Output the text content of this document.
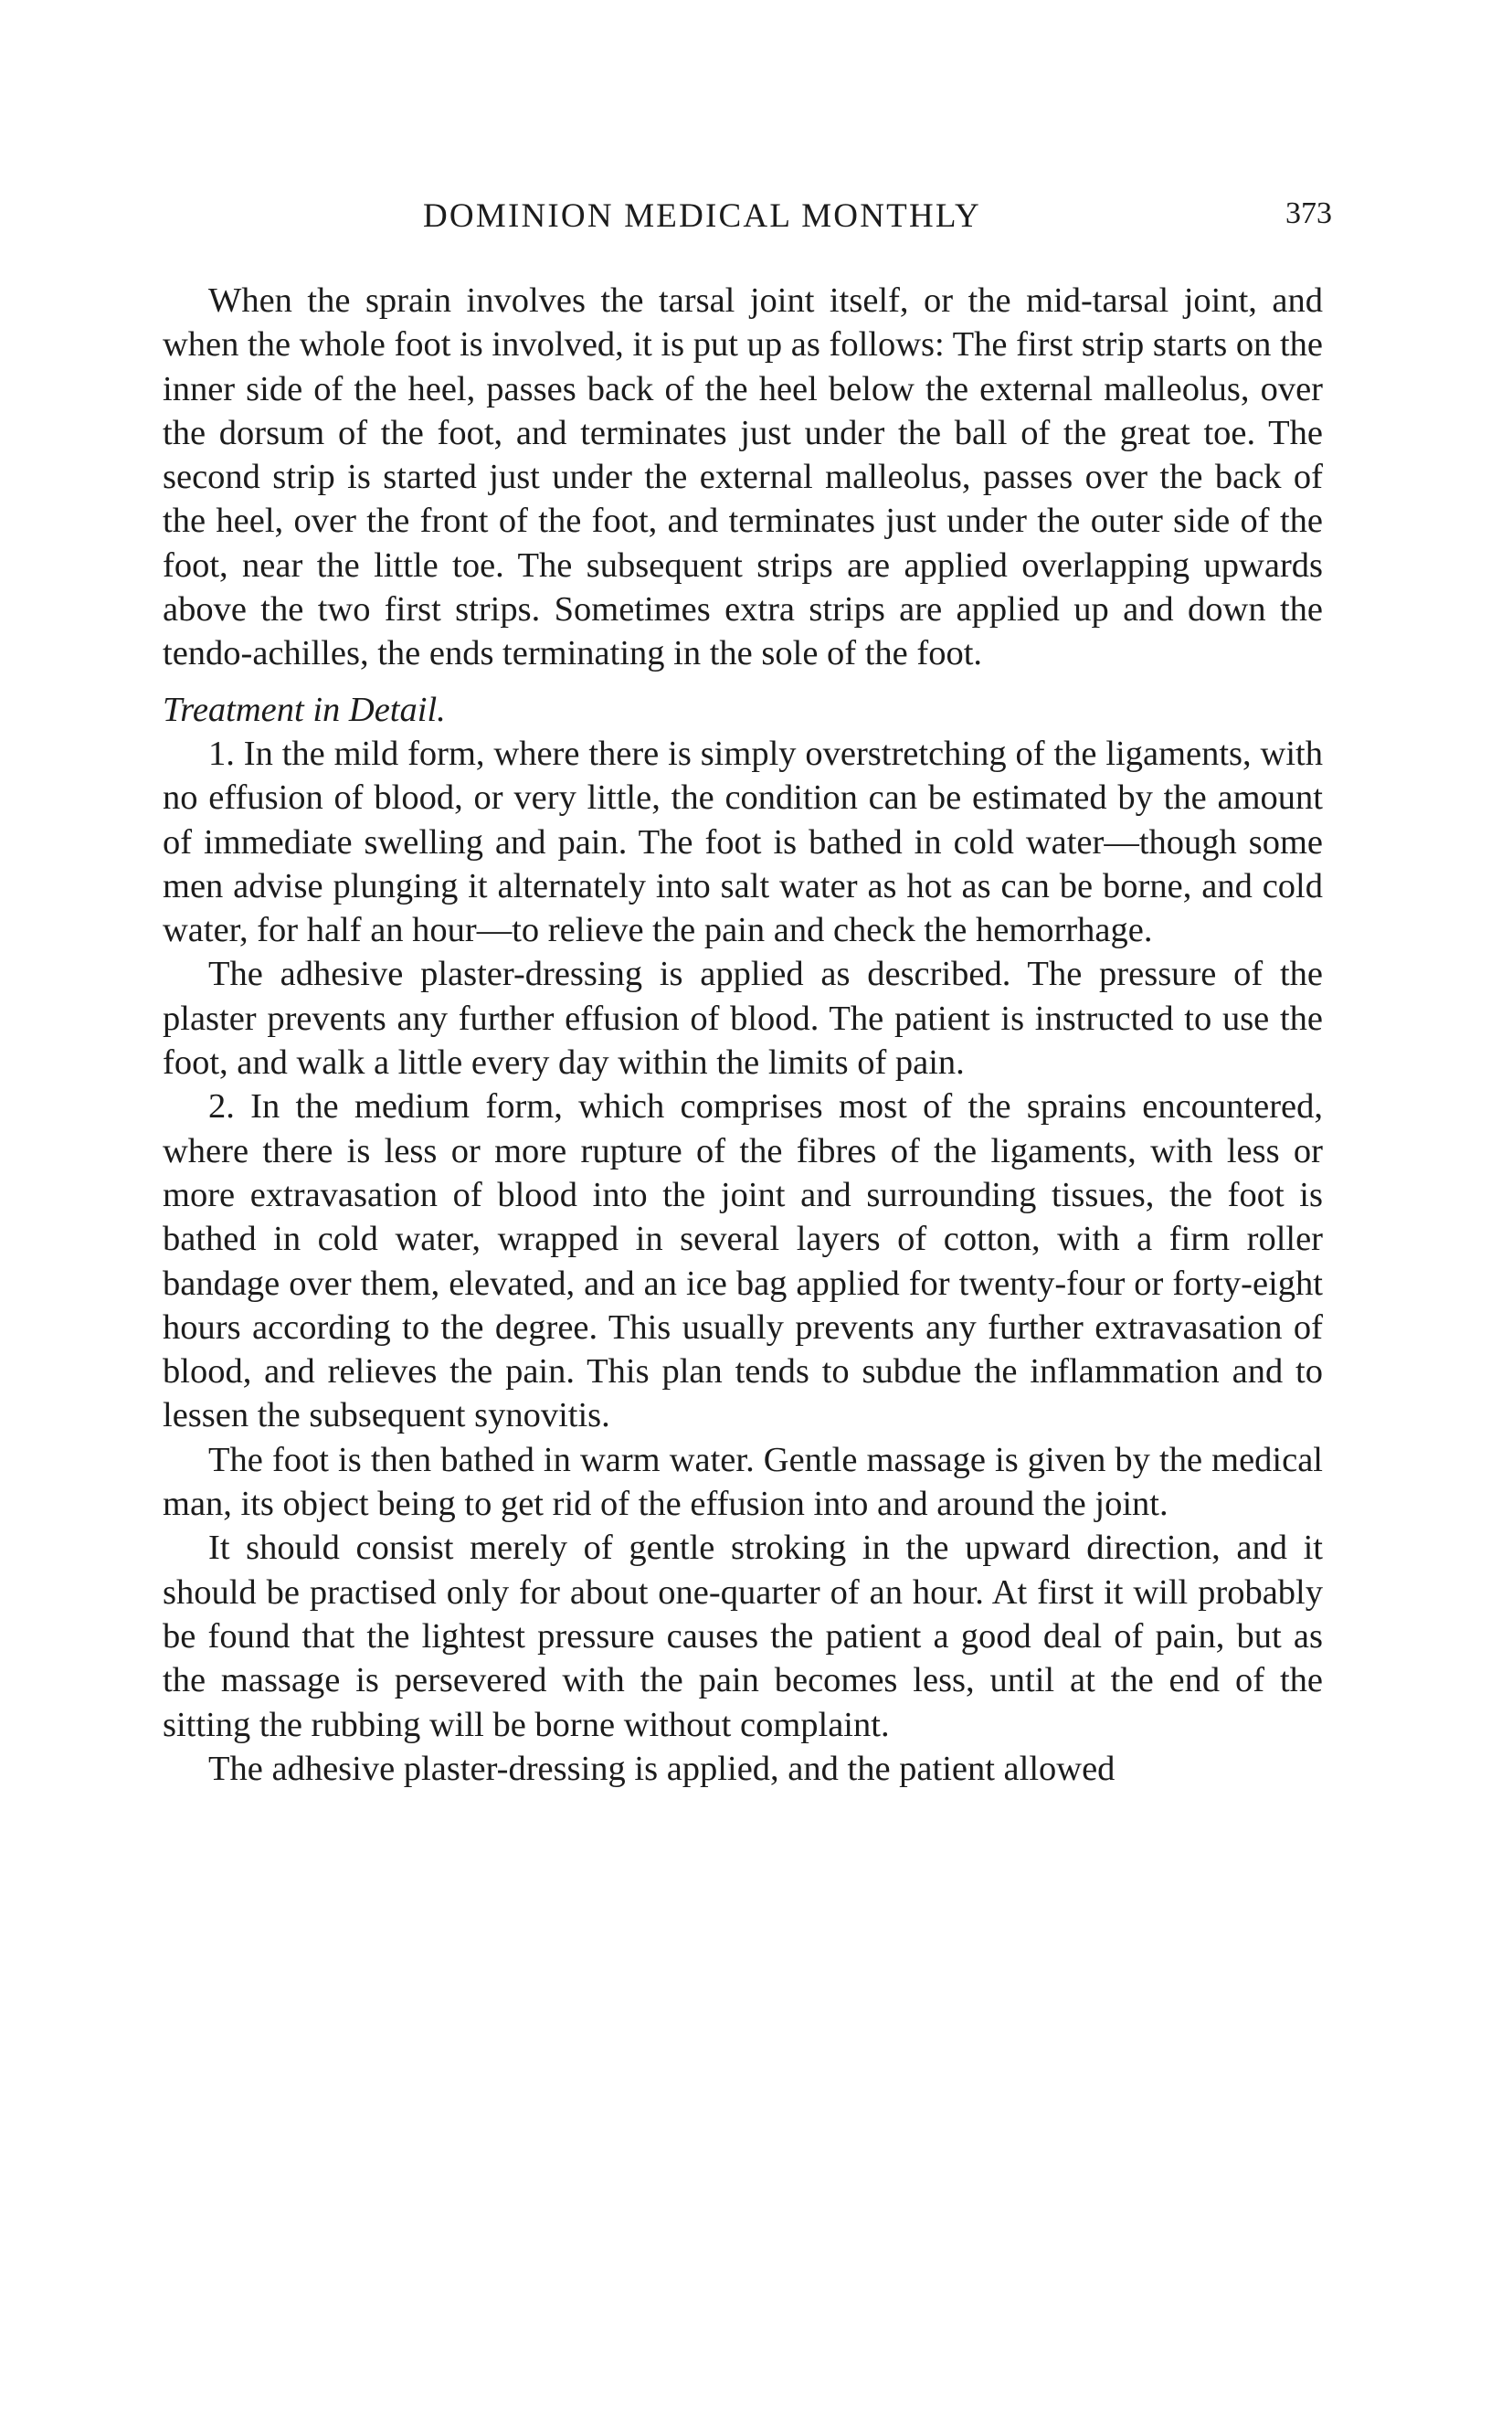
DOMINION MEDICAL MONTHLY	373

When the sprain involves the tarsal joint itself, or the mid-tarsal joint, and when the whole foot is involved, it is put up as follows: The first strip starts on the inner side of the heel, passes back of the heel below the external malleolus, over the dorsum of the foot, and terminates just under the ball of the great toe. The second strip is started just under the external malleolus, passes over the back of the heel, over the front of the foot, and terminates just under the outer side of the foot, near the little toe. The subsequent strips are applied overlapping upwards above the two first strips. Sometimes extra strips are applied up and down the tendo-achilles, the ends terminating in the sole of the foot.

Treatment in Detail.

1. In the mild form, where there is simply overstretching of the ligaments, with no effusion of blood, or very little, the condition can be estimated by the amount of immediate swelling and pain. The foot is bathed in cold water—though some men advise plunging it alternately into salt water as hot as can be borne, and cold water, for half an hour—to relieve the pain and check the hemorrhage.

The adhesive plaster-dressing is applied as described. The pressure of the plaster prevents any further effusion of blood. The patient is instructed to use the foot, and walk a little every day within the limits of pain.

2. In the medium form, which comprises most of the sprains encountered, where there is less or more rupture of the fibres of the ligaments, with less or more extravasation of blood into the joint and surrounding tissues, the foot is bathed in cold water, wrapped in several layers of cotton, with a firm roller bandage over them, elevated, and an ice bag applied for twenty-four or forty-eight hours according to the degree. This usually prevents any further extravasation of blood, and relieves the pain. This plan tends to subdue the inflammation and to lessen the subsequent synovitis.

The foot is then bathed in warm water. Gentle massage is given by the medical man, its object being to get rid of the effusion into and around the joint.

It should consist merely of gentle stroking in the upward direction, and it should be practised only for about one-quarter of an hour. At first it will probably be found that the lightest pressure causes the patient a good deal of pain, but as the massage is persevered with the pain becomes less, until at the end of the sitting the rubbing will be borne without complaint.

The adhesive plaster-dressing is applied, and the patient allowed
